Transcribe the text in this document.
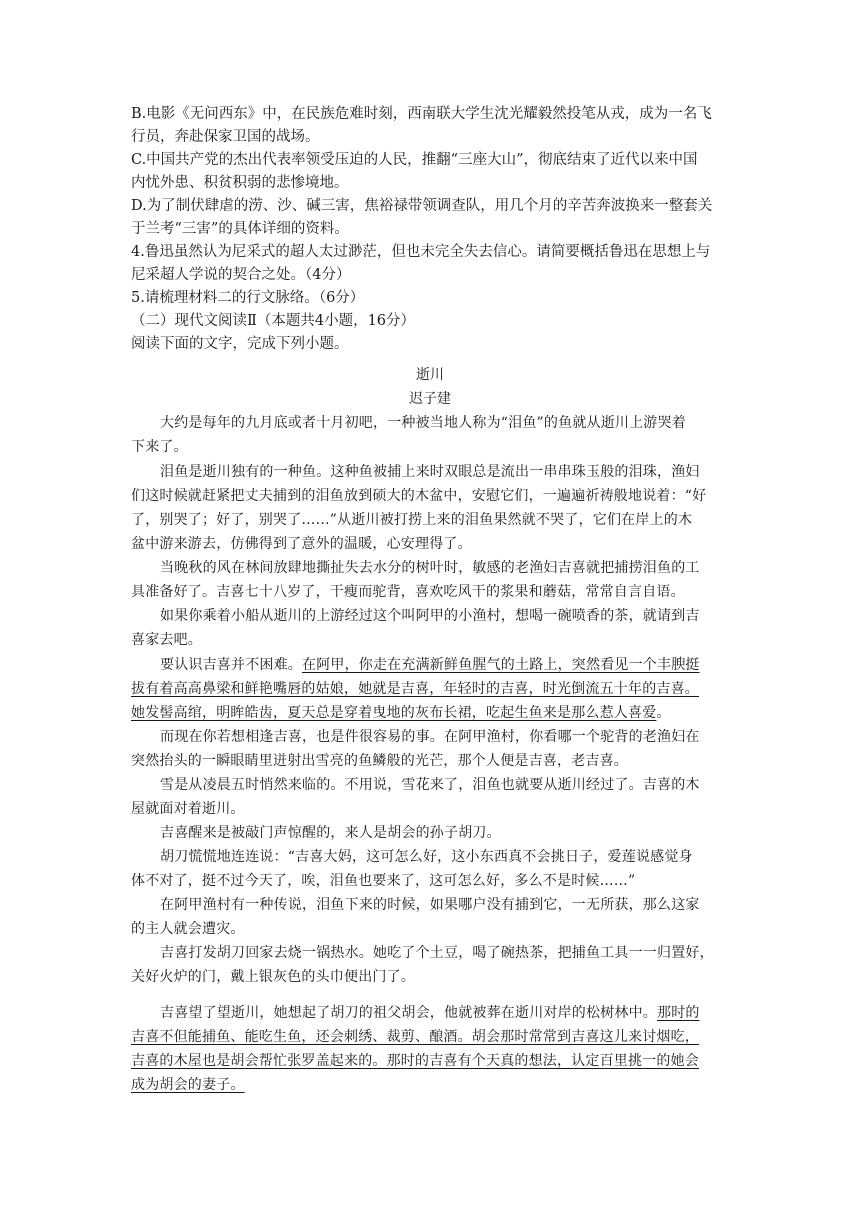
B.电影《无问西东》中，在民族危难时刻，西南联大学生沈光耀毅然投笔从戎，成为一名飞
行员，奔赴保家卫国的战场。
C.中国共产党的杰出代表率领受压迫的人民，推翻“三座大山”，彻底结束了近代以来中国
内忧外患、积贫积弱的悲惨境地。
D.为了制伏肆虐的涝、沙、碱三害，焦裕禄带领调查队，用几个月的辛苦奔波换来一整套关
于兰考“三害”的具体详细的资料。
4.鲁迅虽然认为尼采式的超人太过渺茫，但也未完全失去信心。请简要概括鲁迅在思想上与
尼采超人学说的契合之处。（4分）
5.请梳理材料二的行文脉络。（6分）
（二）现代文阅读Ⅱ（本题共4小题，16分）
阅读下面的文字，完成下列小题。
逝川
迟子建
大约是每年的九月底或者十月初吧，一种被当地人称为“泪鱼”的鱼就从逝川上游哭着
下来了。
泪鱼是逝川独有的一种鱼。这种鱼被捕上来时双眼总是流出一串串珠玉般的泪珠，渔妇
们这时候就赶紧把丈夫捕到的泪鱼放到硕大的木盆中，安慰它们，一遍遍祈祷般地说着：“好
了，别哭了；好了，别哭了……”从逝川被打捞上来的泪鱼果然就不哭了，它们在岸上的木
盆中游来游去，仿佛得到了意外的温暖，心安理得了。
当晚秋的风在林间放肆地撕扯失去水分的树叶时，敏感的老渔妇吉喜就把捕捞泪鱼的工
具准备好了。吉喜七十八岁了，干瘦而驼背，喜欢吃风干的浆果和蘑菇，常常自言自语。
如果你乘着小船从逝川的上游经过这个叫阿甲的小渔村，想喝一碗喷香的茶，就请到吉
喜家去吧。
要认识吉喜并不困难。在阿甲，你走在充满新鲜鱼腥气的土路上，突然看见一个丰腴挺
拔有着高高鼻梁和鲜艳嘴唇的姑娘，她就是吉喜，年轻时的吉喜，时光倒流五十年的吉喜。
她发髻高绾，明眸皓齿，夏天总是穿着曳地的灰布长裙，吃起生鱼来是那么惹人喜爱。
而现在你若想相逢吉喜，也是件很容易的事。在阿甲渔村，你看哪一个驼背的老渔妇在
突然抬头的一瞬眼睛里迸射出雪亮的鱼鳞般的光芒，那个人便是吉喜，老吉喜。
雪是从凌晨五时悄然来临的。不用说，雪花来了，泪鱼也就要从逝川经过了。吉喜的木
屋就面对着逝川。
吉喜醒来是被敲门声惊醒的，来人是胡会的孙子胡刀。
胡刀慌慌地连连说：“吉喜大妈，这可怎么好，这小东西真不会挑日子，爱莲说感觉身
体不对了，挺不过今天了，唉，泪鱼也要来了，这可怎么好，多么不是时候……”
在阿甲渔村有一种传说，泪鱼下来的时候，如果哪户没有捕到它，一无所获，那么这家
的主人就会遭灾。
吉喜打发胡刀回家去烧一锅热水。她吃了个土豆，喝了碗热茶，把捕鱼工具一一归置好，
关好火炉的门，戴上银灰色的头巾便出门了。
吉喜望了望逝川，她想起了胡刀的祖父胡会，他就被葬在逝川对岸的松树林中。那时的
吉喜不但能捕鱼、能吃生鱼，还会刺绣、裁剪、酿酒。胡会那时常常到吉喜这儿来讨烟吃，
吉喜的木屋也是胡会帮忙张罗盖起来的。那时的吉喜有个天真的想法，认定百里挑一的她会
成为胡会的妻子。
